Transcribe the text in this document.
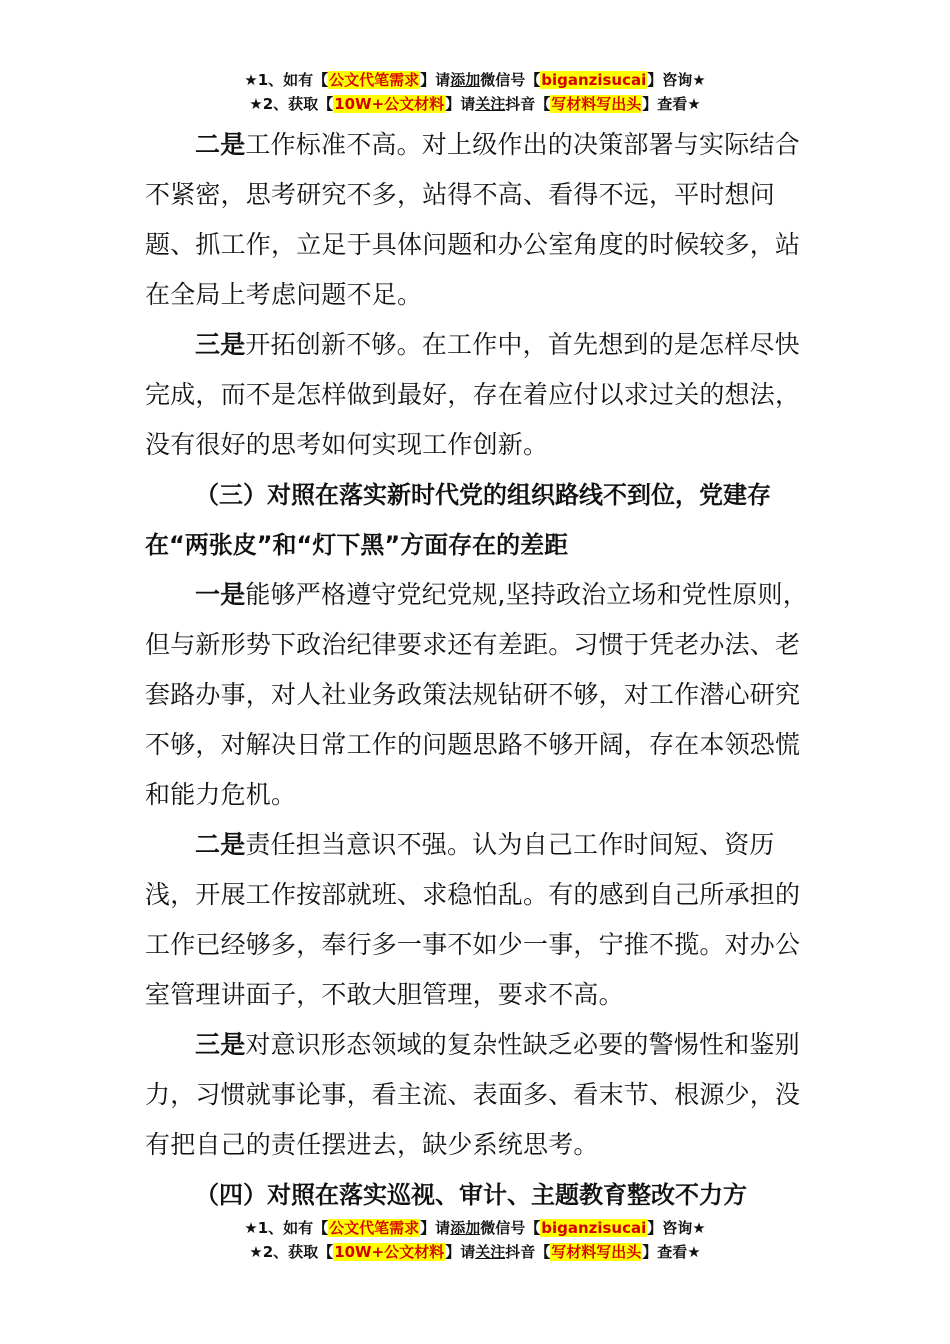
★1、如有【公文代笔需求】请添加微信号【biganzisucai】咨询★
★2、获取【10W+公文材料】请关注抖音【写材料写出头】查看★

二是工作标准不高。对上级作出的决策部署与实际结合不紧密，思考研究不多，站得不高、看得不远，平时想问题、抓工作，立足于具体问题和办公室角度的时候较多，站在全局上考虑问题不足。

三是开拓创新不够。在工作中，首先想到的是怎样尽快完成，而不是怎样做到最好，存在着应付以求过关的想法，没有很好的思考如何实现工作创新。

（三）对照在落实新时代党的组织路线不到位，党建存在“两张皮”和“灯下黑”方面存在的差距

一是能够严格遵守党纪党规,坚持政治立场和党性原则，但与新形势下政治纪律要求还有差距。习惯于凭老办法、老套路办事，对人社业务政策法规钻研不够，对工作潜心研究不够，对解决日常工作的问题思路不够开阔，存在本领恐慌和能力危机。

二是责任担当意识不强。认为自己工作时间短、资历浅，开展工作按部就班、求稳怕乱。有的感到自己所承担的工作已经够多，奉行多一事不如少一事，宁推不揽。对办公室管理讲面子，不敢大胆管理，要求不高。

三是对意识形态领域的复杂性缺乏必要的警惕性和鉴别力，习惯就事论事，看主流、表面多、看末节、根源少，没有把自己的责任摆进去，缺少系统思考。

（四）对照在落实巡视、审计、主题教育整改不力方

★1、如有【公文代笔需求】请添加微信号【biganzisucai】咨询★
★2、获取【10W+公文材料】请关注抖音【写材料写出头】查看★
